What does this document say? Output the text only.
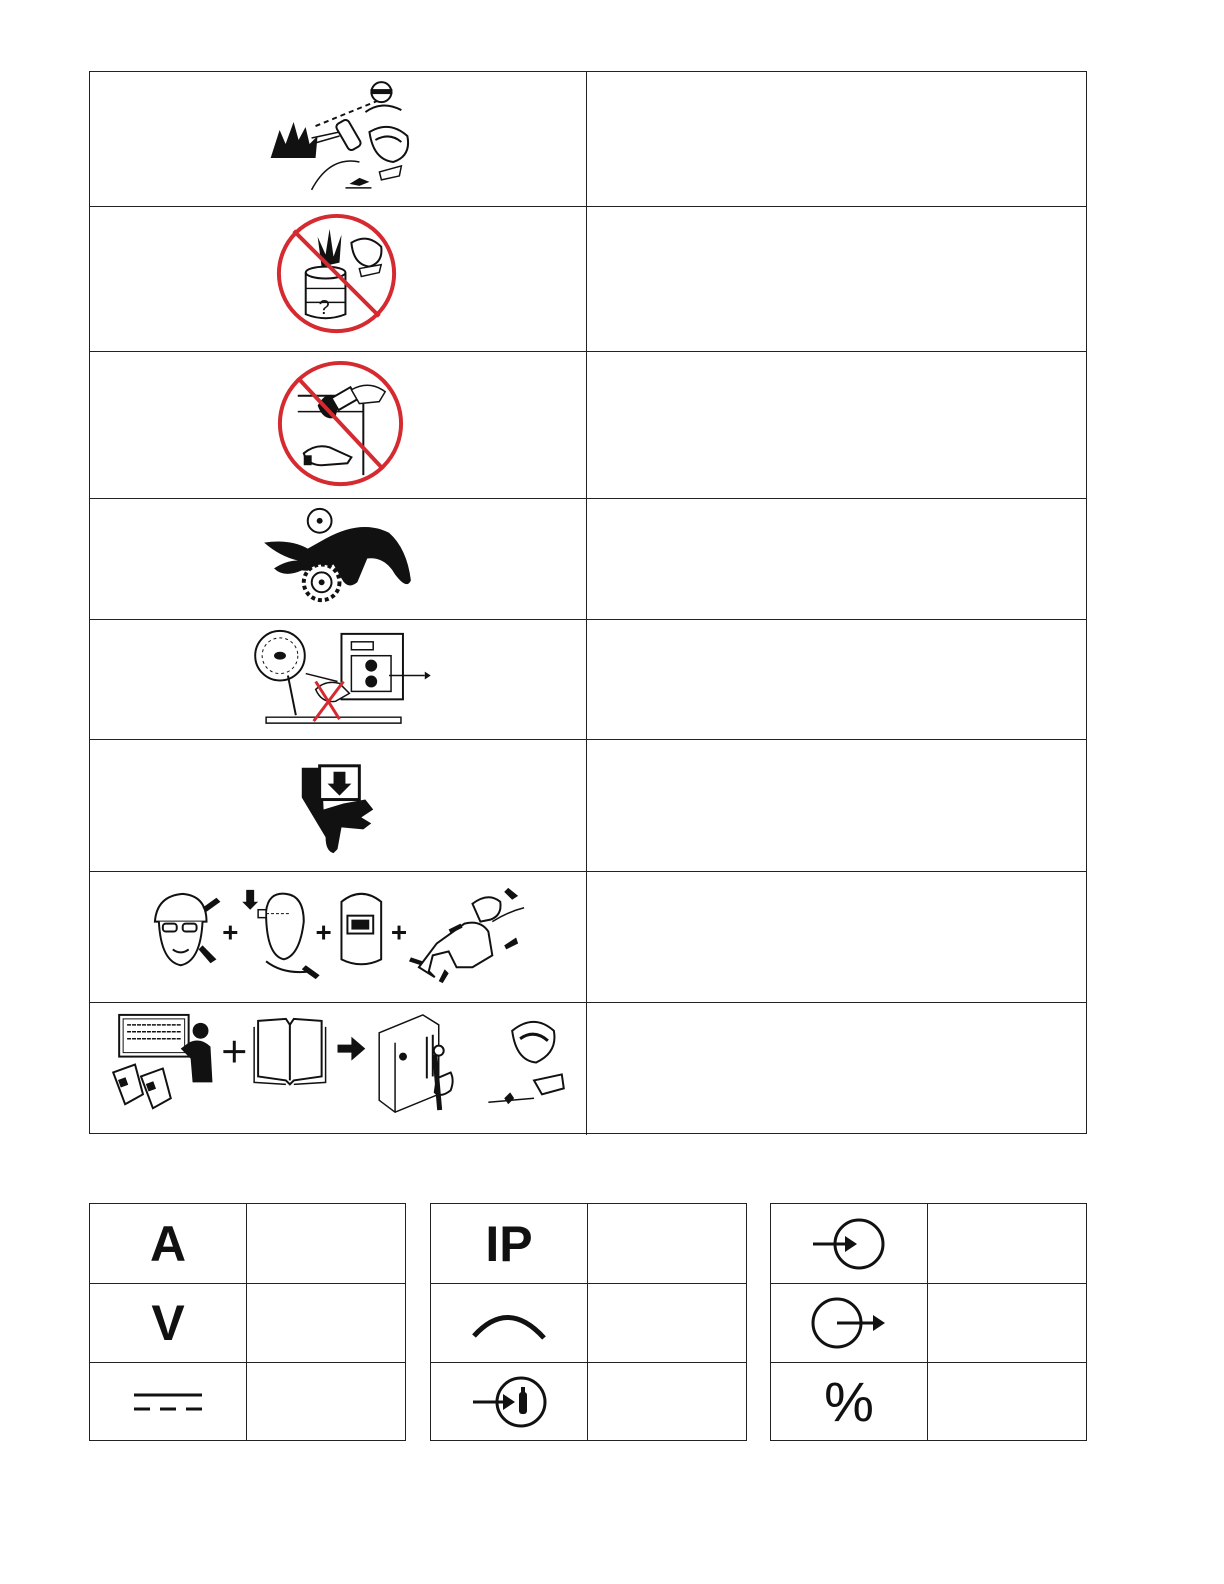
?
A
V
IP
%
